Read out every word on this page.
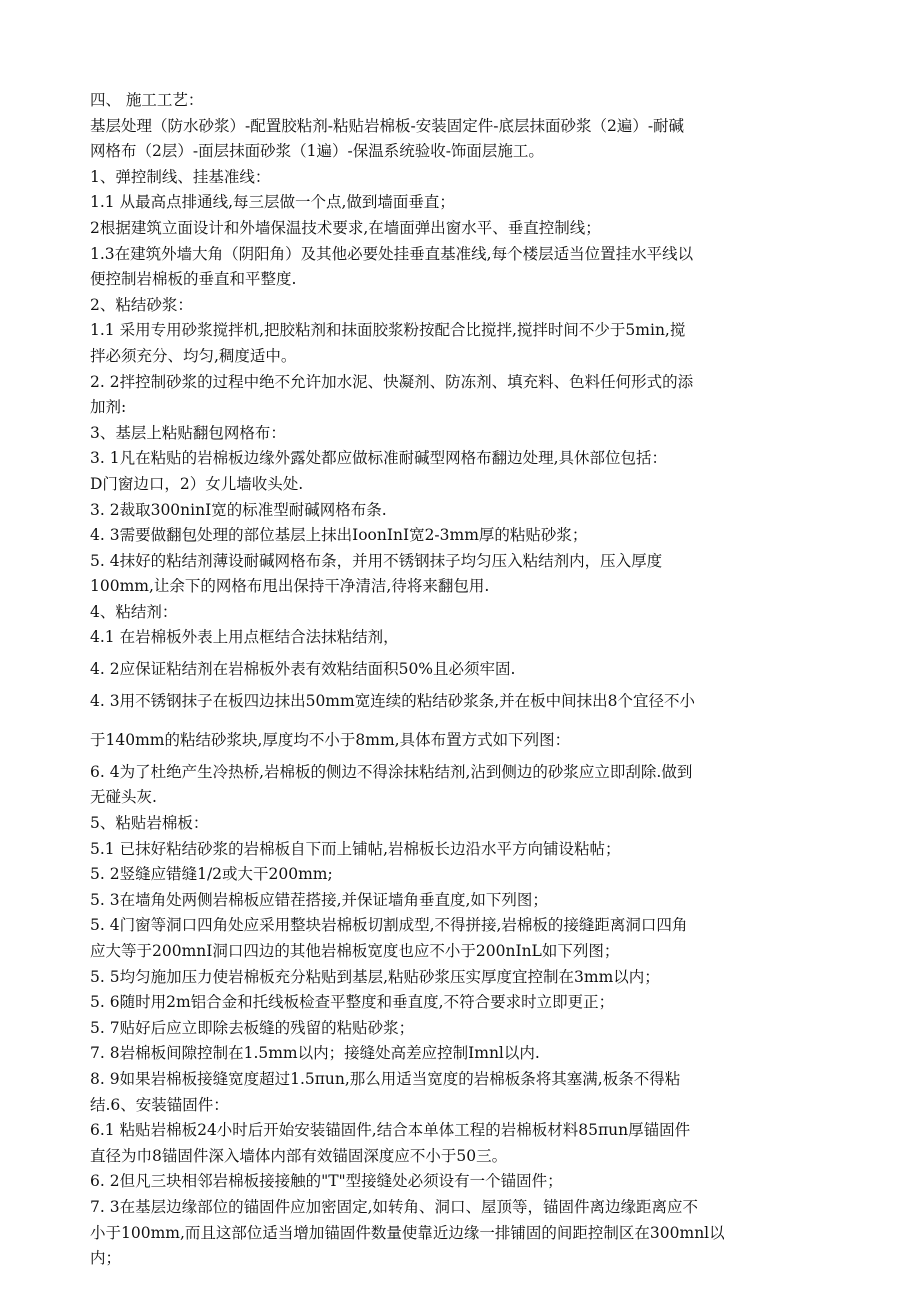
四、 施工工艺：
基层处理（防水砂浆）-配置胶粘剂-粘贴岩棉板-安装固定件-底层抹面砂浆（2遍）-耐碱
网格布（2层）-面层抹面砂浆（1遍）-保温系统验收-饰面层施工。
1、弹控制线、挂基准线：
1.1 从最高点排通线,每三层做一个点,做到墙面垂直；
2根据建筑立面设计和外墙保温技术要求,在墙面弹出窗水平、垂直控制线；
1.3在建筑外墙大角（阴阳角）及其他必要处挂垂直基准线,每个楼层适当位置挂水平线以
便控制岩棉板的垂直和平整度.
2、粘结砂浆：
1.1 采用专用砂浆搅拌机,把胶粘剂和抹面胶浆粉按配合比搅拌,搅拌时间不少于5min,搅
拌必须充分、均匀,稠度适中。
2. 2拌控制砂浆的过程中绝不允许加水泥、快凝剂、防冻剂、填充料、色料任何形式的添
加剂:
3、基层上粘贴翻包网格布：
3. 1凡在粘贴的岩棉板边缘外露处都应做标准耐碱型网格布翻边处理,具休部位包括：
D门窗边口，2）女儿墙收头处.
3. 2裁取300ninI宽的标准型耐碱网格布条.
4. 3需要做翻包处理的部位基层上抹出IoonInI宽2-3mm厚的粘贴砂浆；
5. 4抹好的粘结剂薄设耐碱网格布条，并用不锈钢抹子均匀压入粘结剂内，压入厚度
100mm,让余下的网格布甩出保持干净清洁,待将来翻包用.
4、粘结剂：
4.1 在岩棉板外表上用点框结合法抹粘结剂，
4. 2应保证粘结剂在岩棉板外表有效粘结面积50%且必须牢固.
4. 3用不锈钢抹子在板四边抹出50mm宽连续的粘结砂浆条,并在板中间抹出8个宜径不小
于140mm的粘结砂浆块,厚度均不小于8mm,具体布置方式如下列图：
6. 4为了杜绝产生冷热桥,岩棉板的侧边不得涂抹粘结剂,沾到侧边的砂浆应立即刮除.做到
无碰头灰.
5、粘贴岩棉板：
5.1 已抹好粘结砂浆的岩棉板自下而上铺帖,岩棉板长边沿水平方向铺设粘帖；
5. 2竖缝应错缝1/2或大干200mm;
5. 3在墙角处两侧岩棉板应错茬搭接,并保证墙角垂直度,如下列图；
5. 4门窗等洞口四角处应采用整块岩棉板切割成型,不得拼接,岩棉板的接缝距离洞口四角
应大等于200mnI洞口四边的其他岩棉板宽度也应不小于200nInL如下列图；
5. 5均匀施加压力使岩棉板充分粘贴到基层,粘贴砂浆压实厚度宜控制在3mm以内；
5. 6随时用2m铝合金和托线板检查平整度和垂直度,不符合要求时立即更正；
5. 7贴好后应立即除去板缝的残留的粘贴砂浆；
7. 8岩棉板间隙控制在1.5mm以内；接缝处高差应控制Imnl以内.
8. 9如果岩棉板接缝宽度超过1.5πun,那么用适当宽度的岩棉板条将其塞满,板条不得粘
结.6、安装锚固件：
6.1 粘贴岩棉板24小时后开始安装锚固件,结合本单体工程的岩棉板材料85πun厚锚固件
直径为巾8锚固件深入墙体内部有效锚固深度应不小于50三。
6. 2但凡三块相邻岩棉板接接触的"T"型接缝处必须设有一个锚固件；
7. 3在基层边缘部位的锚固件应加密固定,如转角、洞口、屋顶等，锚固件离边缘距离应不
小于100mm,而且这部位适当增加锚固件数量使靠近边缘一排铺固的间距控制区在300mnl以
内；
